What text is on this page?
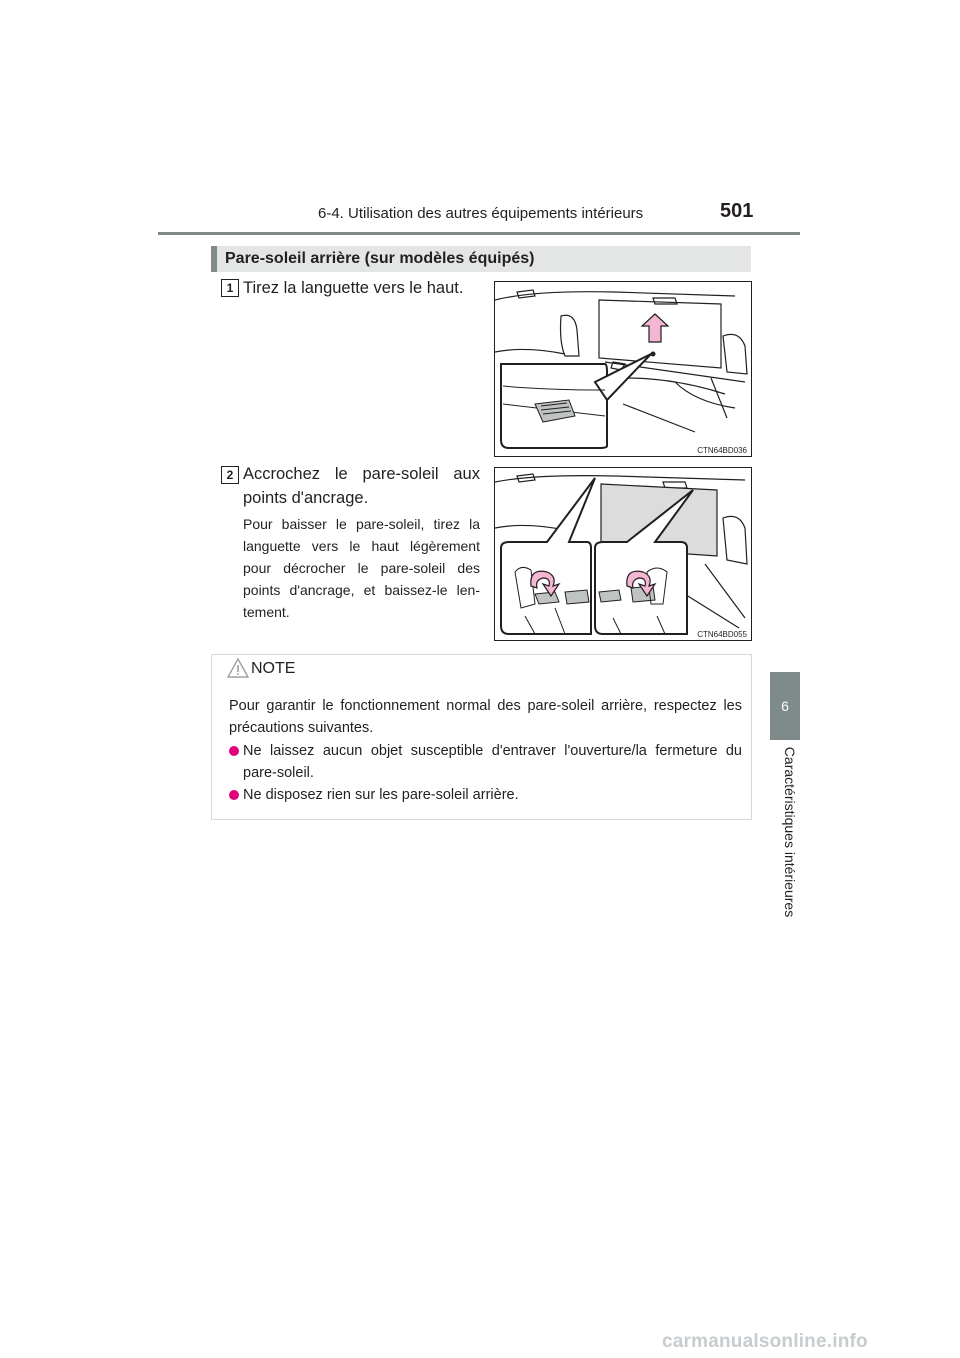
6-4. Utilisation des autres équipements intérieurs	501
6
Caractéristiques intérieures
Pare-soleil arrière (sur modèles équipés)
1 Tirez la languette vers le haut.
CTN64BD036
2 Accrochez le pare-soleil aux points d'ancrage.
Pour baisser le pare-soleil, tirez la languette vers le haut légèrement pour décrocher le pare-soleil des points d'ancrage, et baissez-le len-tement.
CTN64BD055
NOTE
Pour garantir le fonctionnement normal des pare-soleil arrière, respectez les précautions suivantes.
Ne laissez aucun objet susceptible d'entraver l'ouverture/la fermeture du pare-soleil.
Ne disposez rien sur les pare-soleil arrière.
carmanualsonline.info
